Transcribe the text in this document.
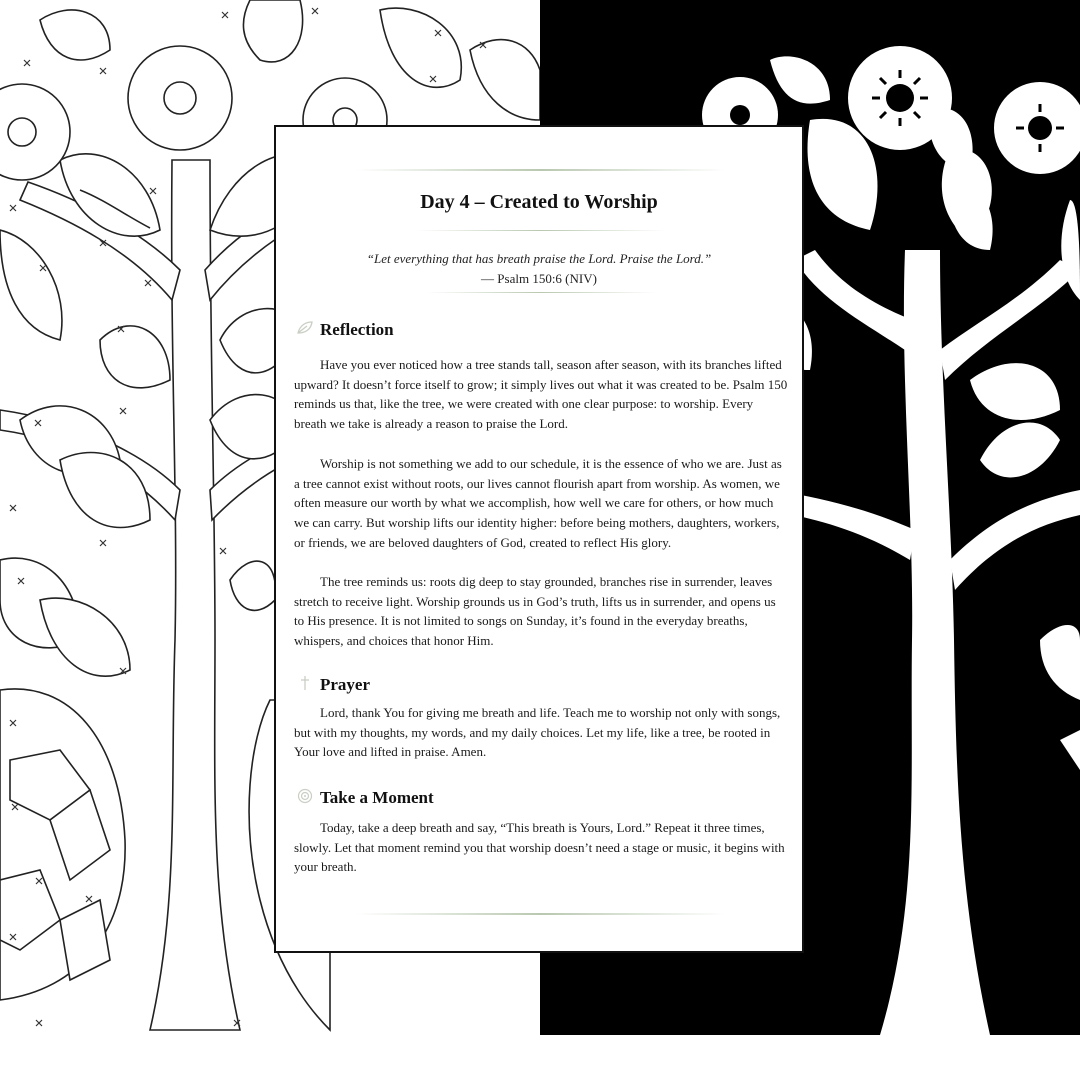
Day 4 – Created to Worship
“Let everything that has breath praise the Lord. Praise the Lord.”
— Psalm 150:6 (NIV)
Reflection

Have you ever noticed how a tree stands tall, season after season, with its branches lifted upward? It doesn’t force itself to grow; it simply lives out what it was created to be. Psalm 150 reminds us that, like the tree, we were created with one clear purpose: to worship. Every breath we take is already a reason to praise the Lord.

Worship is not something we add to our schedule, it is the essence of who we are. Just as a tree cannot exist without roots, our lives cannot flourish apart from worship. As women, we often measure our worth by what we accomplish, how well we care for others, or how much we can carry. But worship lifts our identity higher: before being mothers, daughters, workers, or friends, we are beloved daughters of God, created to reflect His glory.

The tree reminds us: roots dig deep to stay grounded, branches rise in surrender, leaves stretch to receive light. Worship grounds us in God’s truth, lifts us in surrender, and opens us to His presence. It is not limited to songs on Sunday, it’s found in the everyday breaths, whispers, and choices that honor Him.

Prayer

Lord, thank You for giving me breath and life. Teach me to worship not only with songs, but with my thoughts, my words, and my daily choices. Let my life, like a tree, be rooted in Your love and lifted in praise. Amen.

Take a Moment

Today, take a deep breath and say, “This breath is Yours, Lord.” Repeat it three times, slowly. Let that moment remind you that worship doesn’t need a stage or music, it begins with your breath.
